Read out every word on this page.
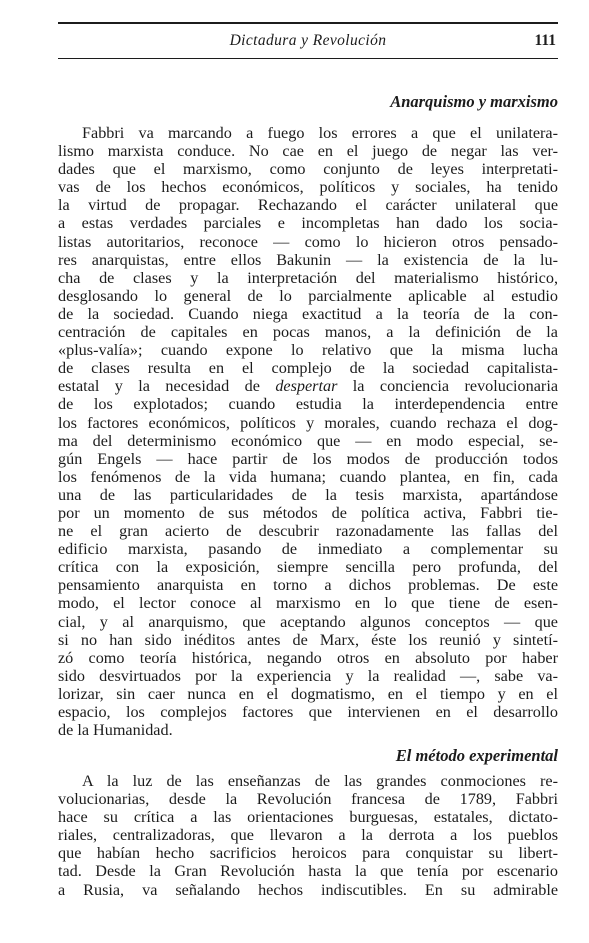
Dictadura y Revolución	111
Anarquismo y marxismo
Fabbri va marcando a fuego los errores a que el unilatera-
lismo marxista conduce. No cae en el juego de negar las ver-
dades que el marxismo, como conjunto de leyes interpretati-
vas de los hechos económicos, políticos y sociales, ha tenido
la virtud de propagar. Rechazando el carácter unilateral que
a estas verdades parciales e incompletas han dado los socia-
listas autoritarios, reconoce — como lo hicieron otros pensado-
res anarquistas, entre ellos Bakunin — la existencia de la lu-
cha de clases y la interpretación del materialismo histórico,
desglosando lo general de lo parcialmente aplicable al estudio
de la sociedad. Cuando niega exactitud a la teoría de la con-
centración de capitales en pocas manos, a la definición de la
«plus-valía»; cuando expone lo relativo que la misma lucha
de clases resulta en el complejo de la sociedad capitalista-
estatal y la necesidad de despertar la conciencia revolucionaria
de los explotados; cuando estudia la interdependencia entre
los factores económicos, políticos y morales, cuando rechaza el dog-
ma del determinismo económico que — en modo especial, se-
gún Engels — hace partir de los modos de producción todos
los fenómenos de la vida humana; cuando plantea, en fin, cada
una de las particularidades de la tesis marxista, apartándose
por un momento de sus métodos de política activa, Fabbri tie-
ne el gran acierto de descubrir razonadamente las fallas del
edificio marxista, pasando de inmediato a complementar su
crítica con la exposición, siempre sencilla pero profunda, del
pensamiento anarquista en torno a dichos problemas. De este
modo, el lector conoce al marxismo en lo que tiene de esen-
cial, y al anarquismo, que aceptando algunos conceptos — que
si no han sido inéditos antes de Marx, éste los reunió y sintetí-
zó como teoría histórica, negando otros en absoluto por haber
sido desvirtuados por la experiencia y la realidad —, sabe va-
lorizar, sin caer nunca en el dogmatismo, en el tiempo y en el
espacio, los complejos factores que intervienen en el desarrollo
de la Humanidad.
El método experimental
A la luz de las enseñanzas de las grandes conmociones re-
volucionarias, desde la Revolución francesa de 1789, Fabbri
hace su crítica a las orientaciones burguesas, estatales, dictato-
riales, centralizadoras, que llevaron a la derrota a los pueblos
que habían hecho sacrificios heroicos para conquistar su libert-
tad. Desde la Gran Revolución hasta la que tenía por escenario
a Rusia, va señalando hechos indiscutibles. En su admirable
